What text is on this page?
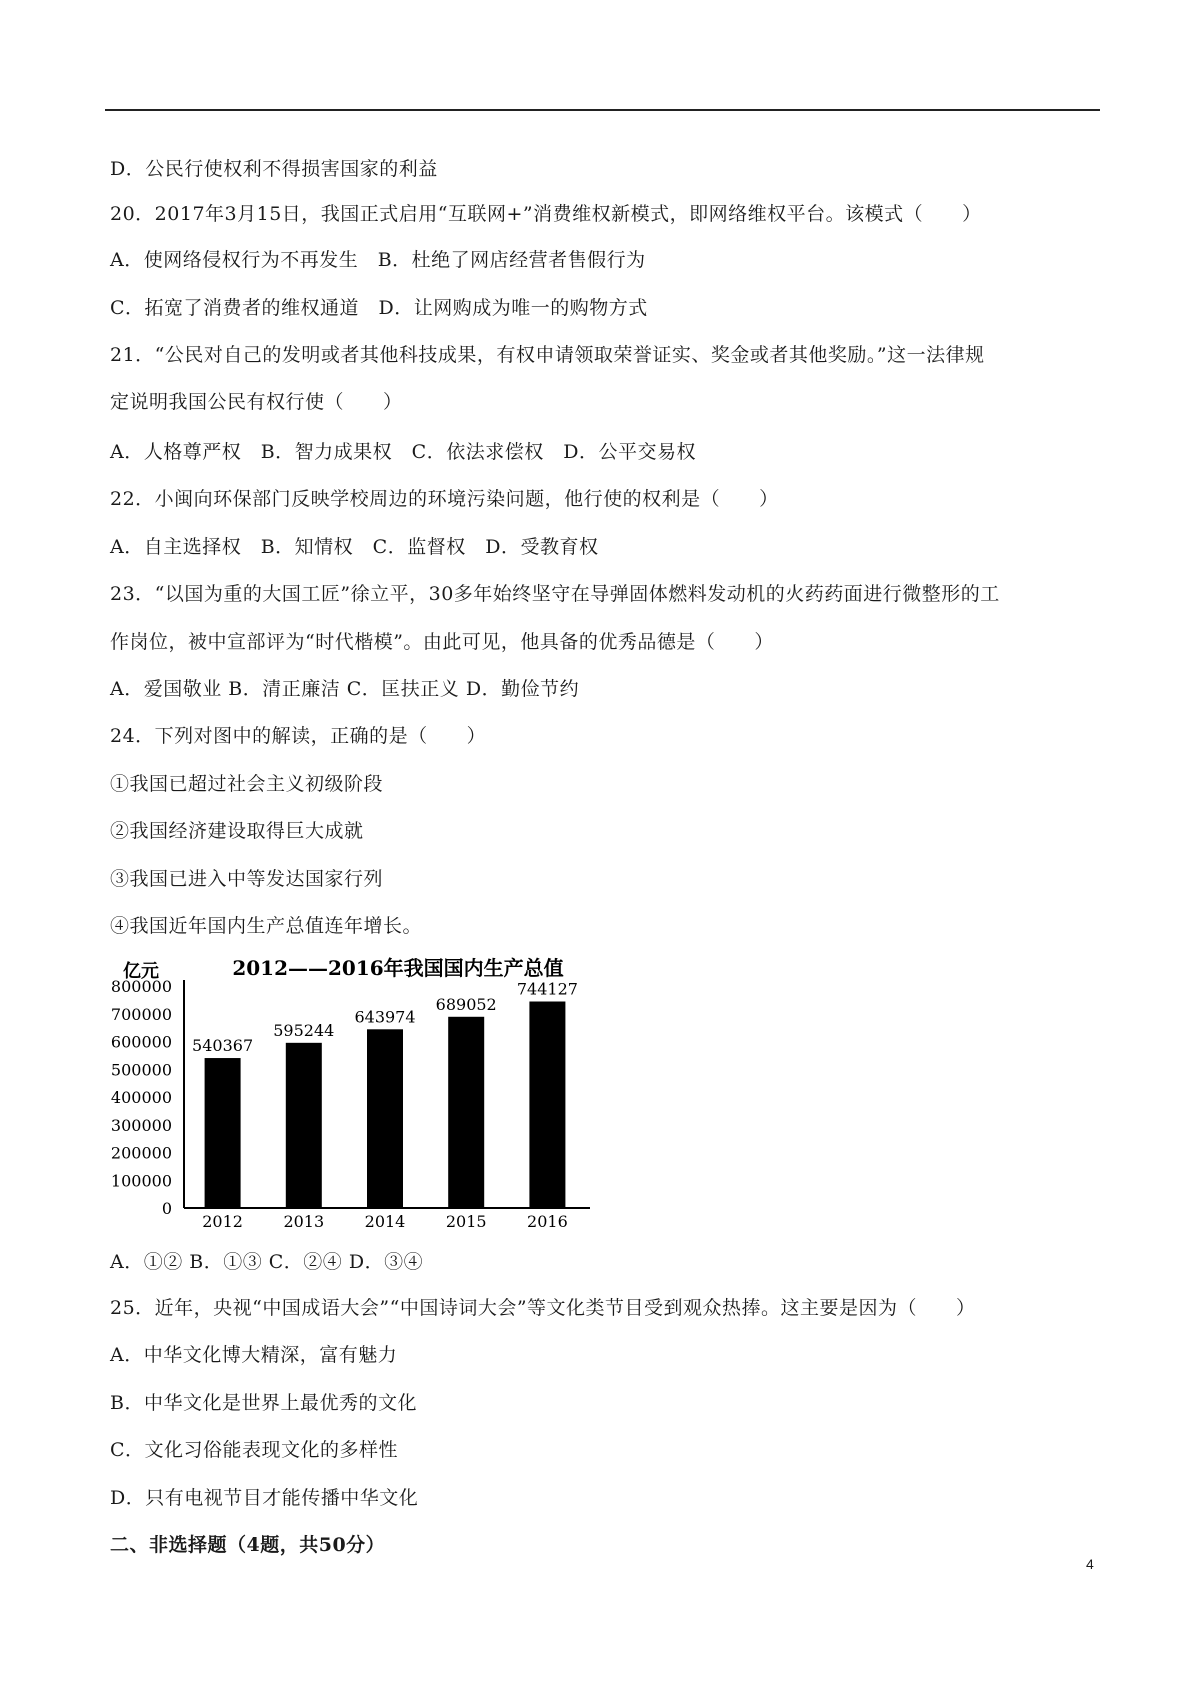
D．公民行使权利不得损害国家的利益
20．2017年3月15日，我国正式启用“互联网+”消费维权新模式，即网络维权平台。该模式（　　）
A．使网络侵权行为不再发生　B．杜绝了网店经营者售假行为
C．拓宽了消费者的维权通道　D．让网购成为唯一的购物方式
21．“公民对自己的发明或者其他科技成果，有权申请领取荣誉证实、奖金或者其他奖励。”这一法律规
定说明我国公民有权行使（　　）
A．人格尊严权　B．智力成果权　C．依法求偿权　D．公平交易权
22．小闽向环保部门反映学校周边的环境污染问题，他行使的权利是（　　）
A．自主选择权　B．知情权　C．监督权　D．受教育权
23．“以国为重的大国工匠”徐立平，30多年始终坚守在导弹固体燃料发动机的火药药面进行微整形的工
作岗位，被中宣部评为“时代楷模”。由此可见，他具备的优秀品德是（　　）
A．爱国敬业 B．清正廉洁 C．匡扶正义 D．勤俭节约
24．下列对图中的解读，正确的是（　　）
①我国已超过社会主义初级阶段
②我国经济建设取得巨大成就
③我国已进入中等发达国家行列
④我国近年国内生产总值连年增长。
A．①② B．①③ C．②④ D．③④
25．近年，央视“中国成语大会”“中国诗词大会”等文化类节目受到观众热捧。这主要是因为（　　）
A．中华文化博大精深，富有魅力
B．中华文化是世界上最优秀的文化
C．文化习俗能表现文化的多样性
D．只有电视节目才能传播中华文化
二、非选择题（4题，共50分）
2012——2016年我国国内生产总值
亿元
800000
700000
600000
500000
400000
300000
200000
100000
0
540367
2012
595244
2013
643974
2014
689052
2015
744127
2016
4
